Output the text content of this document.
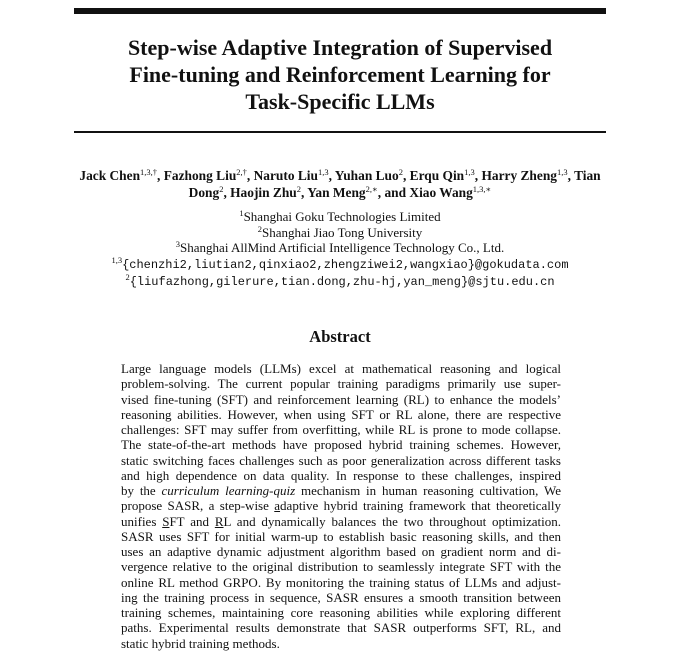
Step-wise Adaptive Integration of Supervised
Fine-tuning and Reinforcement Learning for
Task-Specific LLMs
Jack Chen$^{1,3,\dagger}$, Fazhong Liu$^{2,\dagger}$, Naruto Liu$^{1,3}$, Yuhan Luo$^2$, Erqu Qin$^{1,3}$, Harry Zheng$^{1,3}$, Tian
Dong$^2$, Haojin Zhu$^2$, Yan Meng$^{2,∗}$, and Xiao Wang$^{1,3,∗}$
$^1$Shanghai Goku Technologies Limited
$^2$Shanghai Jiao Tong University
$^3$Shanghai AllMind Artificial Intelligence Technology Co., Ltd.
$^{1,3}${chenzhi2,liutian2,qinxiao2,zhengziwei2,wangxiao}@gokudata.com
$^2${liufazhong,gilerure,tian.dong,zhu-hj,yan_meng}@sjtu.edu.cn
Abstract
Large language models (LLMs) excel at mathematical reasoning and logical
problem-solving. The current popular training paradigms primarily use super-
vised fine-tuning (SFT) and reinforcement learning (RL) to enhance the models’
reasoning abilities. However, when using SFT or RL alone, there are respective
challenges: SFT may suffer from overfitting, while RL is prone to mode collapse.
The state-of-the-art methods have proposed hybrid training schemes. However,
static switching faces challenges such as poor generalization across different tasks
and high dependence on data quality. In response to these challenges, inspired
by the curriculum learning-quiz mechanism in human reasoning cultivation, We
propose SASR, a step-wise adaptive hybrid training framework that theoretically
unifies SFT and RL and dynamically balances the two throughout optimization.
SASR uses SFT for initial warm-up to establish basic reasoning skills, and then
uses an adaptive dynamic adjustment algorithm based on gradient norm and di-
vergence relative to the original distribution to seamlessly integrate SFT with the
online RL method GRPO. By monitoring the training status of LLMs and adjust-
ing the training process in sequence, SASR ensures a smooth transition between
training schemes, maintaining core reasoning abilities while exploring different
paths. Experimental results demonstrate that SASR outperforms SFT, RL, and
static hybrid training methods.
